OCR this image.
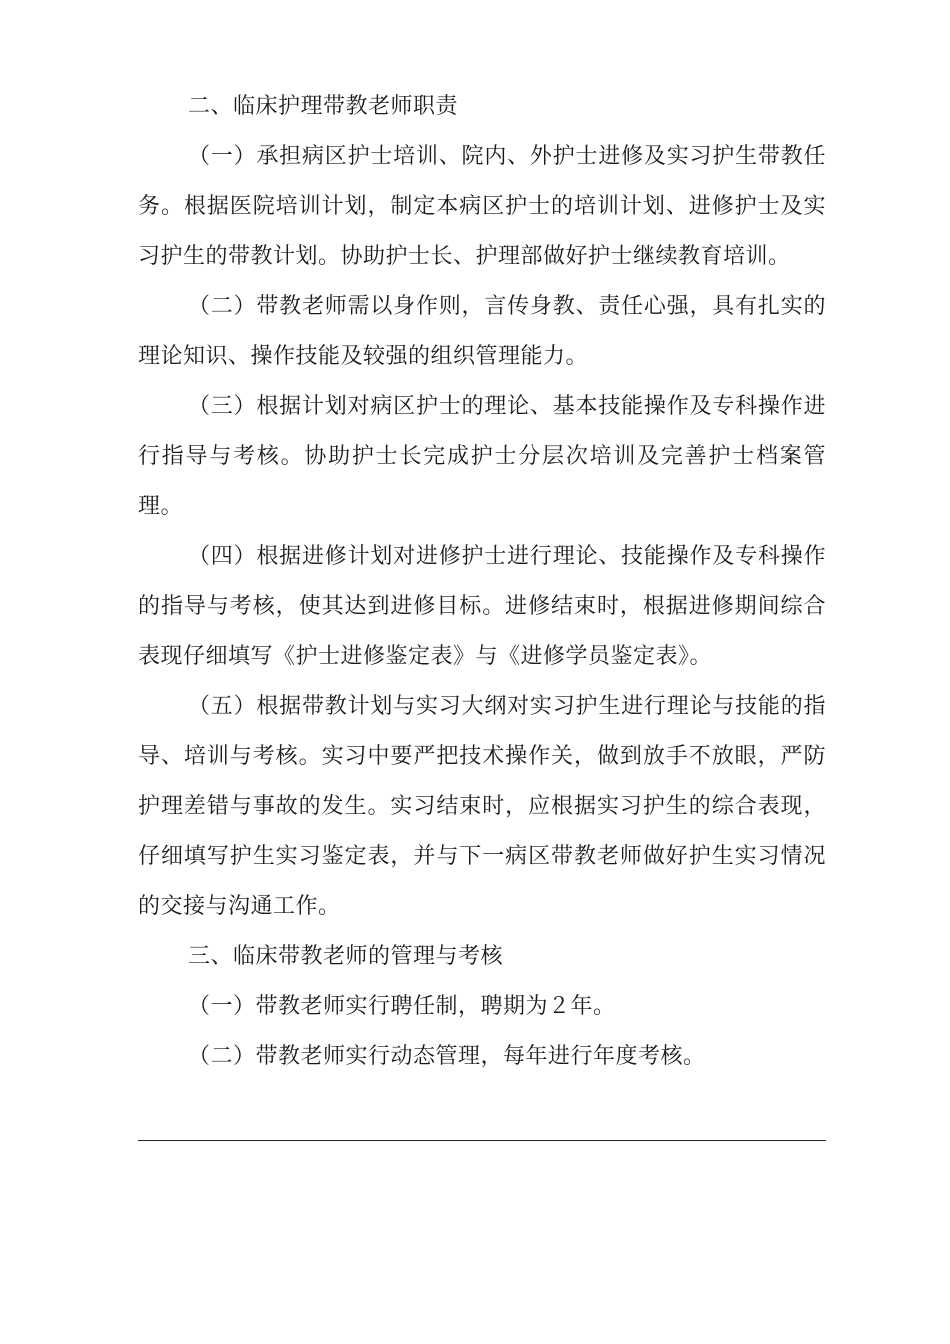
二、临床护理带教老师职责

（一）承担病区护士培训、院内、外护士进修及实习护生带教任务。根据医院培训计划，制定本病区护士的培训计划、进修护士及实习护生的带教计划。协助护士长、护理部做好护士继续教育培训。

（二）带教老师需以身作则，言传身教、责任心强，具有扎实的理论知识、操作技能及较强的组织管理能力。

（三）根据计划对病区护士的理论、基本技能操作及专科操作进行指导与考核。协助护士长完成护士分层次培训及完善护士档案管理。

（四）根据进修计划对进修护士进行理论、技能操作及专科操作的指导与考核，使其达到进修目标。进修结束时，根据进修期间综合表现仔细填写《护士进修鉴定表》与《进修学员鉴定表》。

（五）根据带教计划与实习大纲对实习护生进行理论与技能的指导、培训与考核。实习中要严把技术操作关，做到放手不放眼，严防护理差错与事故的发生。实习结束时，应根据实习护生的综合表现，仔细填写护生实习鉴定表，并与下一病区带教老师做好护生实习情况的交接与沟通工作。

三、临床带教老师的管理与考核

（一）带教老师实行聘任制，聘期为２年。

（二）带教老师实行动态管理，每年进行年度考核。
